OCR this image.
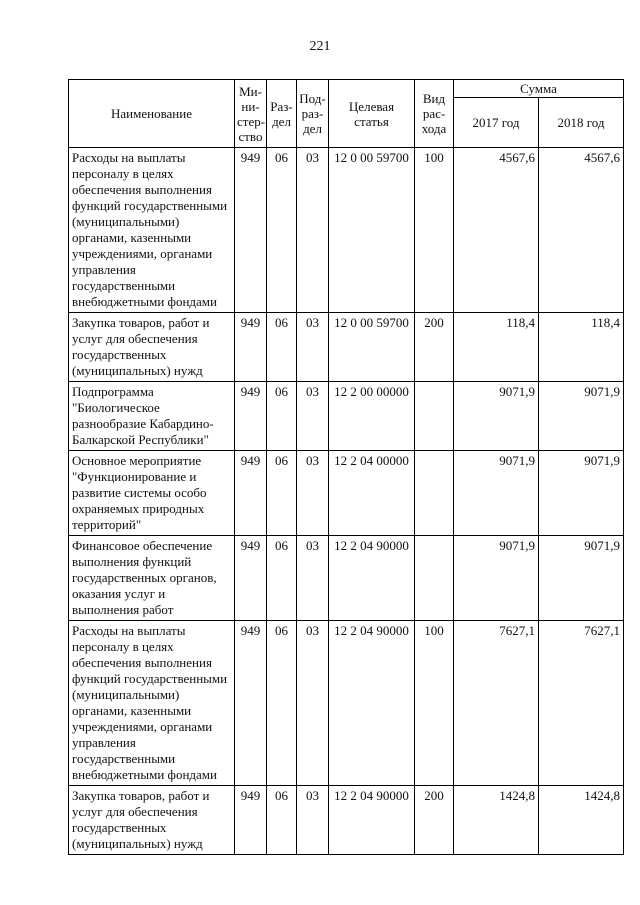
221
Наименование	Ми- ни- стер- ство	Раз- дел	Под- раз- дел	Целевая статья	Вид рас- хода	Сумма	
						2017 год	2018 год
Расходы на выплаты персоналу в целях обеспечения выполнения функций государственными (муниципальными) органами, казенными учреждениями, органами управления государственными внебюджетными фондами	949	06	03	12 0 00 59700	100	4567,6	4567,6
Закупка товаров, работ и услуг для обеспечения государственных (муниципальных) нужд	949	06	03	12 0 00 59700	200	118,4	118,4
Подпрограмма "Биологическое разнообразие Кабардино-Балкарской Республики"	949	06	03	12 2 00 00000		9071,9	9071,9
Основное мероприятие "Функционирование и развитие системы особо охраняемых природных территорий"	949	06	03	12 2 04 00000		9071,9	9071,9
Финансовое обеспечение выполнения функций государственных органов, оказания услуг и выполнения работ	949	06	03	12 2 04 90000		9071,9	9071,9
Расходы на выплаты персоналу в целях обеспечения выполнения функций государственными (муниципальными) органами, казенными учреждениями, органами управления государственными внебюджетными фондами	949	06	03	12 2 04 90000	100	7627,1	7627,1
Закупка товаров, работ и услуг для обеспечения государственных (муниципальных) нужд	949	06	03	12 2 04 90000	200	1424,8	1424,8
